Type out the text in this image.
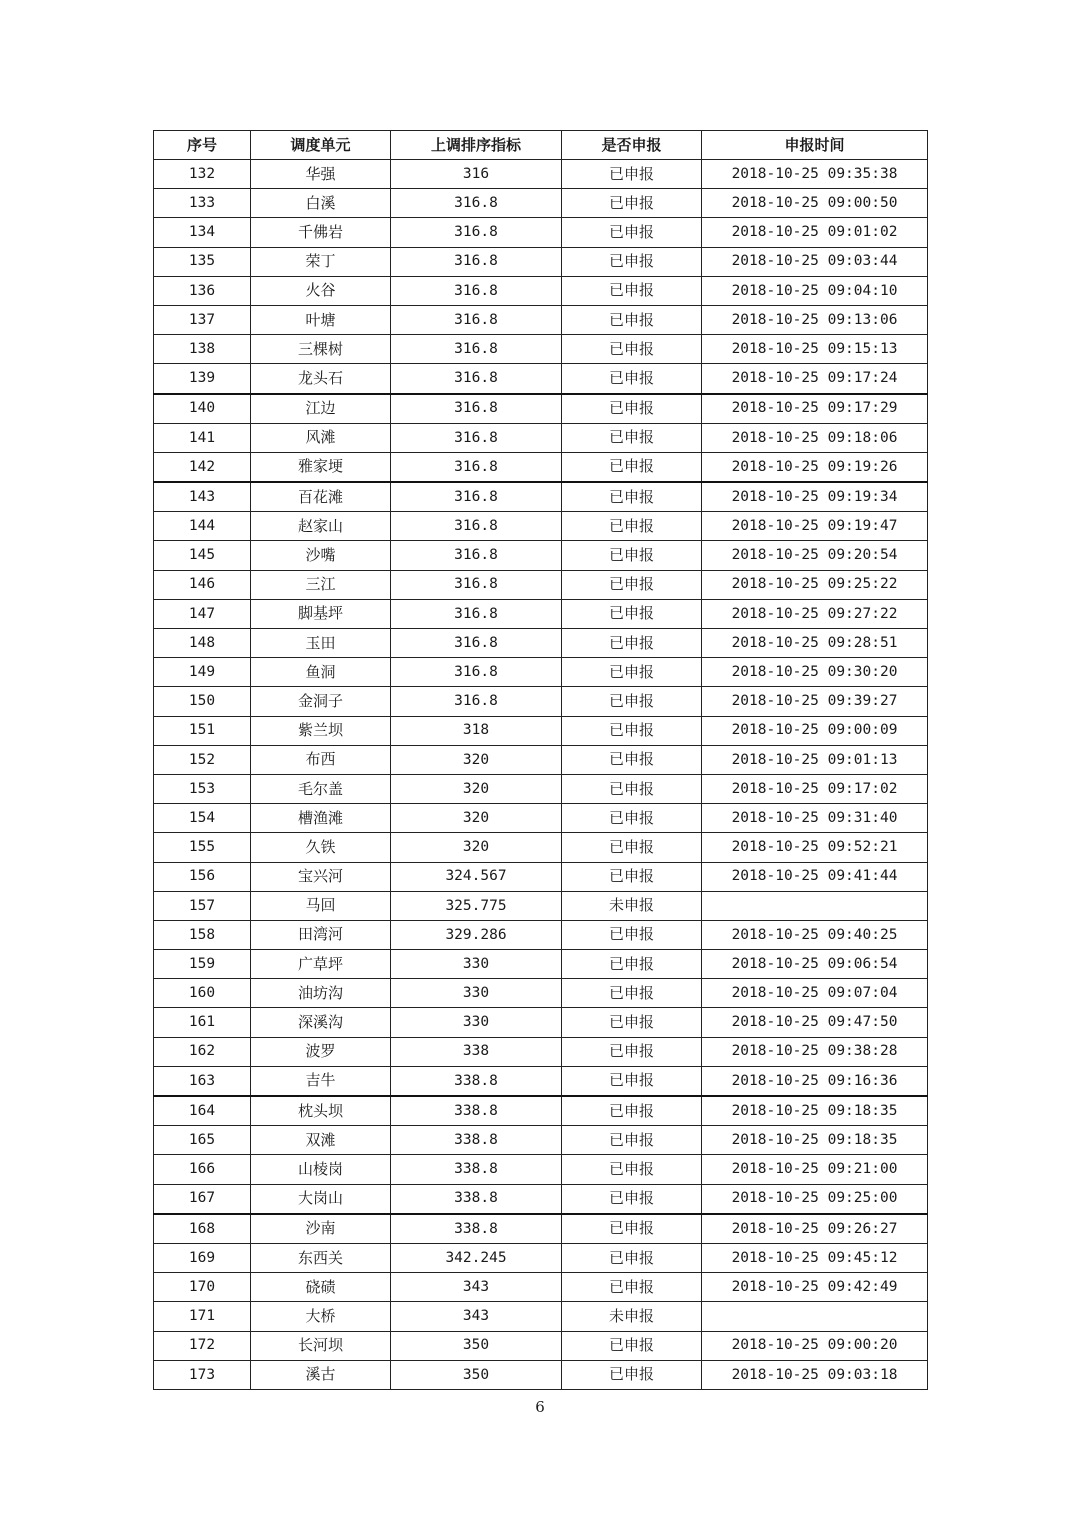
序号	调度单元	上调排序指标	是否申报	申报时间
132	华强	316	已申报	2018-10-25 09:35:38
133	白溪	316.8	已申报	2018-10-25 09:00:50
134	千佛岩	316.8	已申报	2018-10-25 09:01:02
135	荣丁	316.8	已申报	2018-10-25 09:03:44
136	火谷	316.8	已申报	2018-10-25 09:04:10
137	叶塘	316.8	已申报	2018-10-25 09:13:06
138	三棵树	316.8	已申报	2018-10-25 09:15:13
139	龙头石	316.8	已申报	2018-10-25 09:17:24
140	江边	316.8	已申报	2018-10-25 09:17:29
141	风滩	316.8	已申报	2018-10-25 09:18:06
142	雅家埂	316.8	已申报	2018-10-25 09:19:26
143	百花滩	316.8	已申报	2018-10-25 09:19:34
144	赵家山	316.8	已申报	2018-10-25 09:19:47
145	沙嘴	316.8	已申报	2018-10-25 09:20:54
146	三江	316.8	已申报	2018-10-25 09:25:22
147	脚基坪	316.8	已申报	2018-10-25 09:27:22
148	玉田	316.8	已申报	2018-10-25 09:28:51
149	鱼洞	316.8	已申报	2018-10-25 09:30:20
150	金洞子	316.8	已申报	2018-10-25 09:39:27
151	紫兰坝	318	已申报	2018-10-25 09:00:09
152	布西	320	已申报	2018-10-25 09:01:13
153	毛尔盖	320	已申报	2018-10-25 09:17:02
154	槽渔滩	320	已申报	2018-10-25 09:31:40
155	久铁	320	已申报	2018-10-25 09:52:21
156	宝兴河	324.567	已申报	2018-10-25 09:41:44
157	马回	325.775	未申报	
158	田湾河	329.286	已申报	2018-10-25 09:40:25
159	广草坪	330	已申报	2018-10-25 09:06:54
160	油坊沟	330	已申报	2018-10-25 09:07:04
161	深溪沟	330	已申报	2018-10-25 09:47:50
162	波罗	338	已申报	2018-10-25 09:38:28
163	吉牛	338.8	已申报	2018-10-25 09:16:36
164	枕头坝	338.8	已申报	2018-10-25 09:18:35
165	双滩	338.8	已申报	2018-10-25 09:18:35
166	山棱岗	338.8	已申报	2018-10-25 09:21:00
167	大岗山	338.8	已申报	2018-10-25 09:25:00
168	沙南	338.8	已申报	2018-10-25 09:26:27
169	东西关	342.245	已申报	2018-10-25 09:45:12
170	硗碛	343	已申报	2018-10-25 09:42:49
171	大桥	343	未申报	
172	长河坝	350	已申报	2018-10-25 09:00:20
173	溪古	350	已申报	2018-10-25 09:03:18
6
